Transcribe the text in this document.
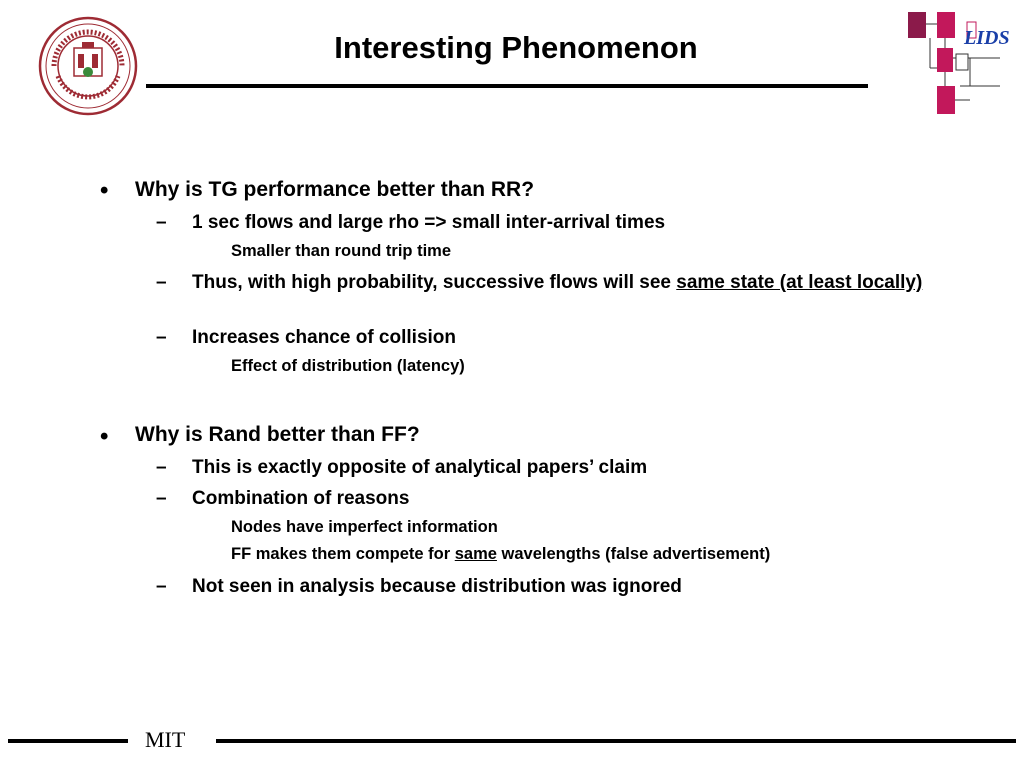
Interesting Phenomenon	LIDS
• Why is TG performance better than RR?
– 1 sec flows and large rho => small inter-arrival times
Smaller than round trip time
– Thus, with high probability, successive flows will see same state (at least locally)
– Increases chance of collision
Effect of distribution (latency)
• Why is Rand better than FF?
– This is exactly opposite of analytical papers’ claim
– Combination of reasons
Nodes have imperfect information
FF makes them compete for same wavelengths (false advertisement)
– Not seen in analysis because distribution was ignored
MIT
